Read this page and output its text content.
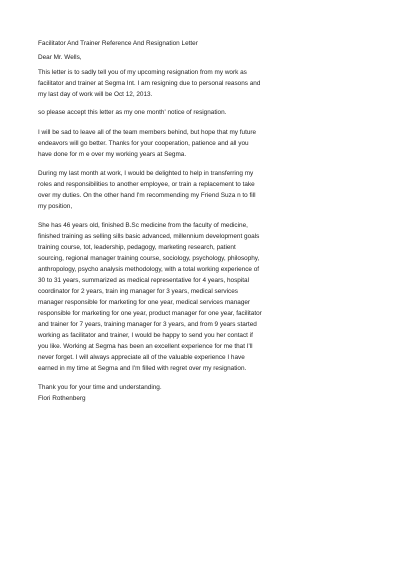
Facilitator And Trainer Reference And Resignation Letter
Dear Mr. Wells,
This letter is to sadly tell you of my upcoming resignation from my work as
facilitator and trainer at Segma Int. I am resigning due to personal reasons and
my last day of work will be Oct 12, 2013.
so please accept this letter as my one month' notice of resignation.
I will be sad to leave all of the team members behind, but hope that my future
endeavors will go better. Thanks for your cooperation, patience and all you
have done for m e over my working years at Segma.
During my last month at work, I would be delighted to help in transferring my
roles and responsibilities to another employee, or train a replacement to take
over my duties. On the other hand I'm recommending my Friend Suza n to fill
my position,
She has 46 years old, finished B.Sc medicine from the faculty of medicine,
finished training as selling sills basic advanced, millennium development goals
training course, tot, leadership, pedagogy, marketing research, patient
sourcing, regional manager training course, sociology, psychology, philosophy,
anthropology, psycho analysis methodology, with a total working experience of
30 to 31 years, summarized as medical representative for 4 years, hospital
coordinator for 2 years, train ing manager for 3 years, medical services
manager responsible for marketing for one year, medical services manager
responsible for marketing for one year, product manager for one year, facilitator
and trainer for 7 years, training manager for 3 years, and from 9 years started
working as facilitator and trainer, I would be happy to send you her contact if
you like. Working at Segma has been an excellent experience for me that I'll
never forget. I will always appreciate all of the valuable experience I have
earned in my time at Segma and I'm filled with regret over my resignation.
Thank you for your time and understanding.
Flori Rothenberg
